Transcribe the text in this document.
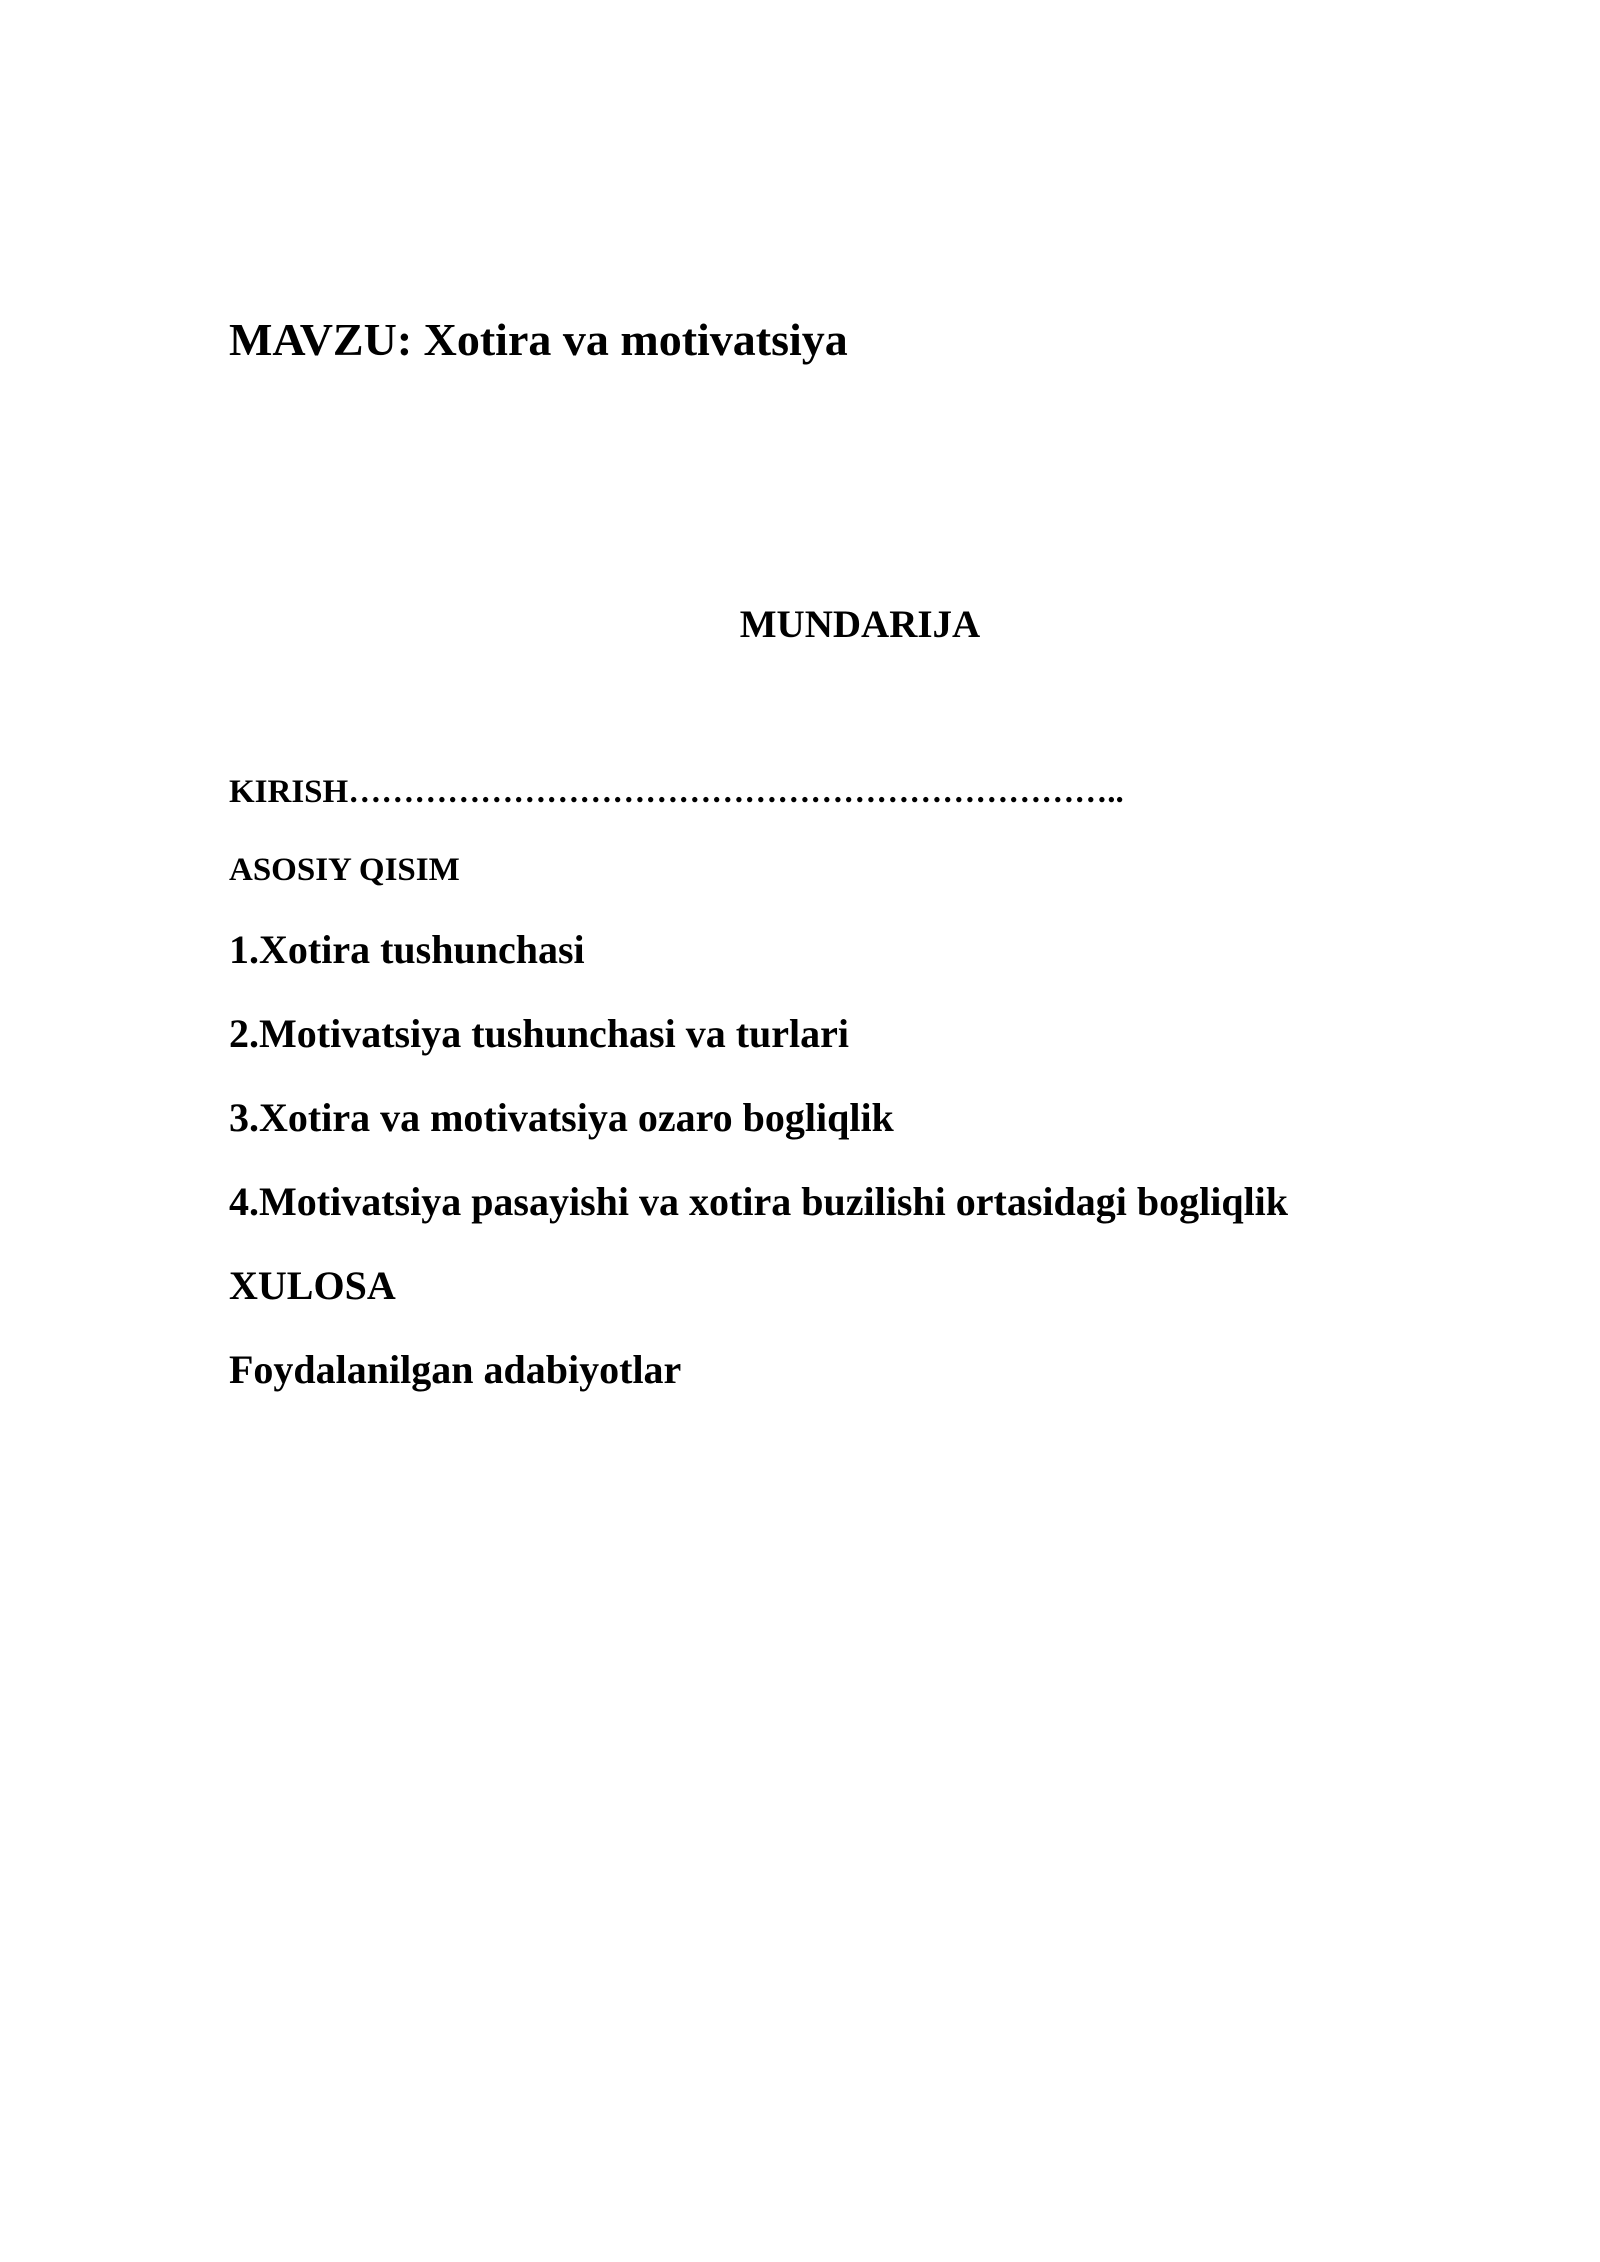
MAVZU: Xotira va motivatsiya
MUNDARIJA
KIRISH……………………………………………………………..
ASOSIY QISIM
1.Xotira tushunchasi
2.Motivatsiya tushunchasi va turlari
3.Xotira va motivatsiya ozaro bogliqlik
4.Motivatsiya pasayishi va xotira buzilishi ortasidagi bogliqlik
XULOSA
Foydalanilgan adabiyotlar
